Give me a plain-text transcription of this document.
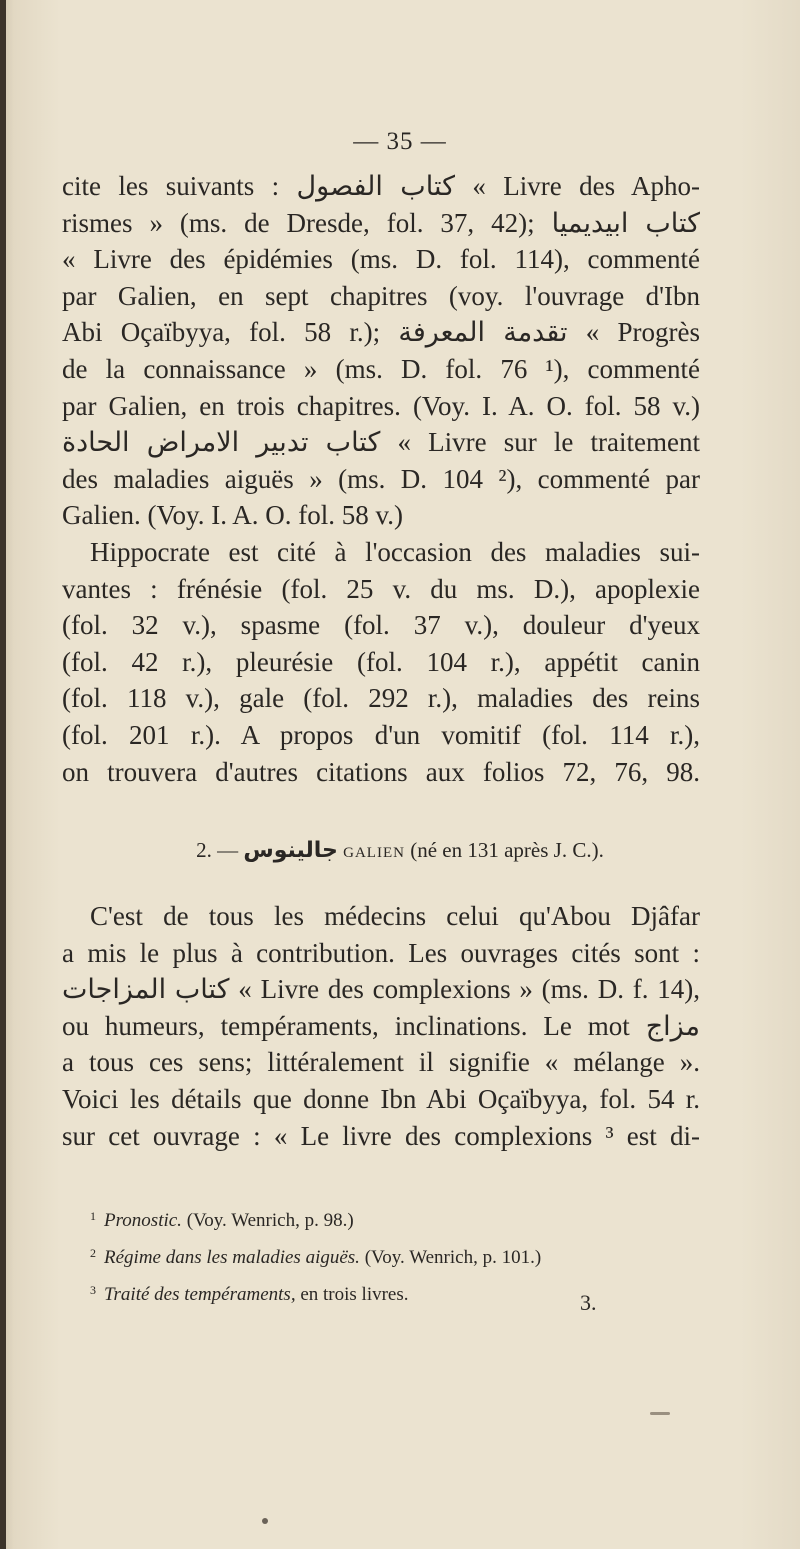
— 35 —
cite les suivants : كتاب الفصول « Livre des Apho-
rismes » (ms. de Dresde, fol. 37, 42); كتاب ابيديميا
« Livre des épidémies (ms. D. fol. 114), commenté
par Galien, en sept chapitres (voy. l'ouvrage d'Ibn
Abi Oçaïbyya, fol. 58 r.); تقدمة المعرفة « Progrès
de la connaissance » (ms. D. fol. 76 ¹), commenté
par Galien, en trois chapitres. (Voy. I. A. O. fol. 58 v.)
كتاب تدبير الامراض الحادة « Livre sur le traitement
des maladies aiguës » (ms. D. 104 ²), commenté par
Galien. (Voy. I. A. O. fol. 58 v.)
Hippocrate est cité à l'occasion des maladies sui-
vantes : frénésie (fol. 25 v. du ms. D.), apoplexie
(fol. 32 v.), spasme (fol. 37 v.), douleur d'yeux
(fol. 42 r.), pleurésie (fol. 104 r.), appétit canin
(fol. 118 v.), gale (fol. 292 r.), maladies des reins
(fol. 201 r.). A propos d'un vomitif (fol. 114 r.),
on trouvera d'autres citations aux folios 72, 76, 98.
2. — جالينوس GALIEN (né en 131 après J. C.).
C'est de tous les médecins celui qu'Abou Djâfar
a mis le plus à contribution. Les ouvrages cités sont :
كتاب المزاجات « Livre des complexions » (ms. D. f. 14),
ou humeurs, tempéraments, inclinations. Le mot مزاج
a tous ces sens; littéralement il signifie « mélange ».
Voici les détails que donne Ibn Abi Oçaïbyya, fol. 54 r.
sur cet ouvrage : « Le livre des complexions ³ est di-
$^1$ Pronostic. (Voy. Wenrich, p. 98.)
$^2$ Régime dans les maladies aiguës. (Voy. Wenrich, p. 101.)
$^3$ Traité des tempéraments, en trois livres.	3.
